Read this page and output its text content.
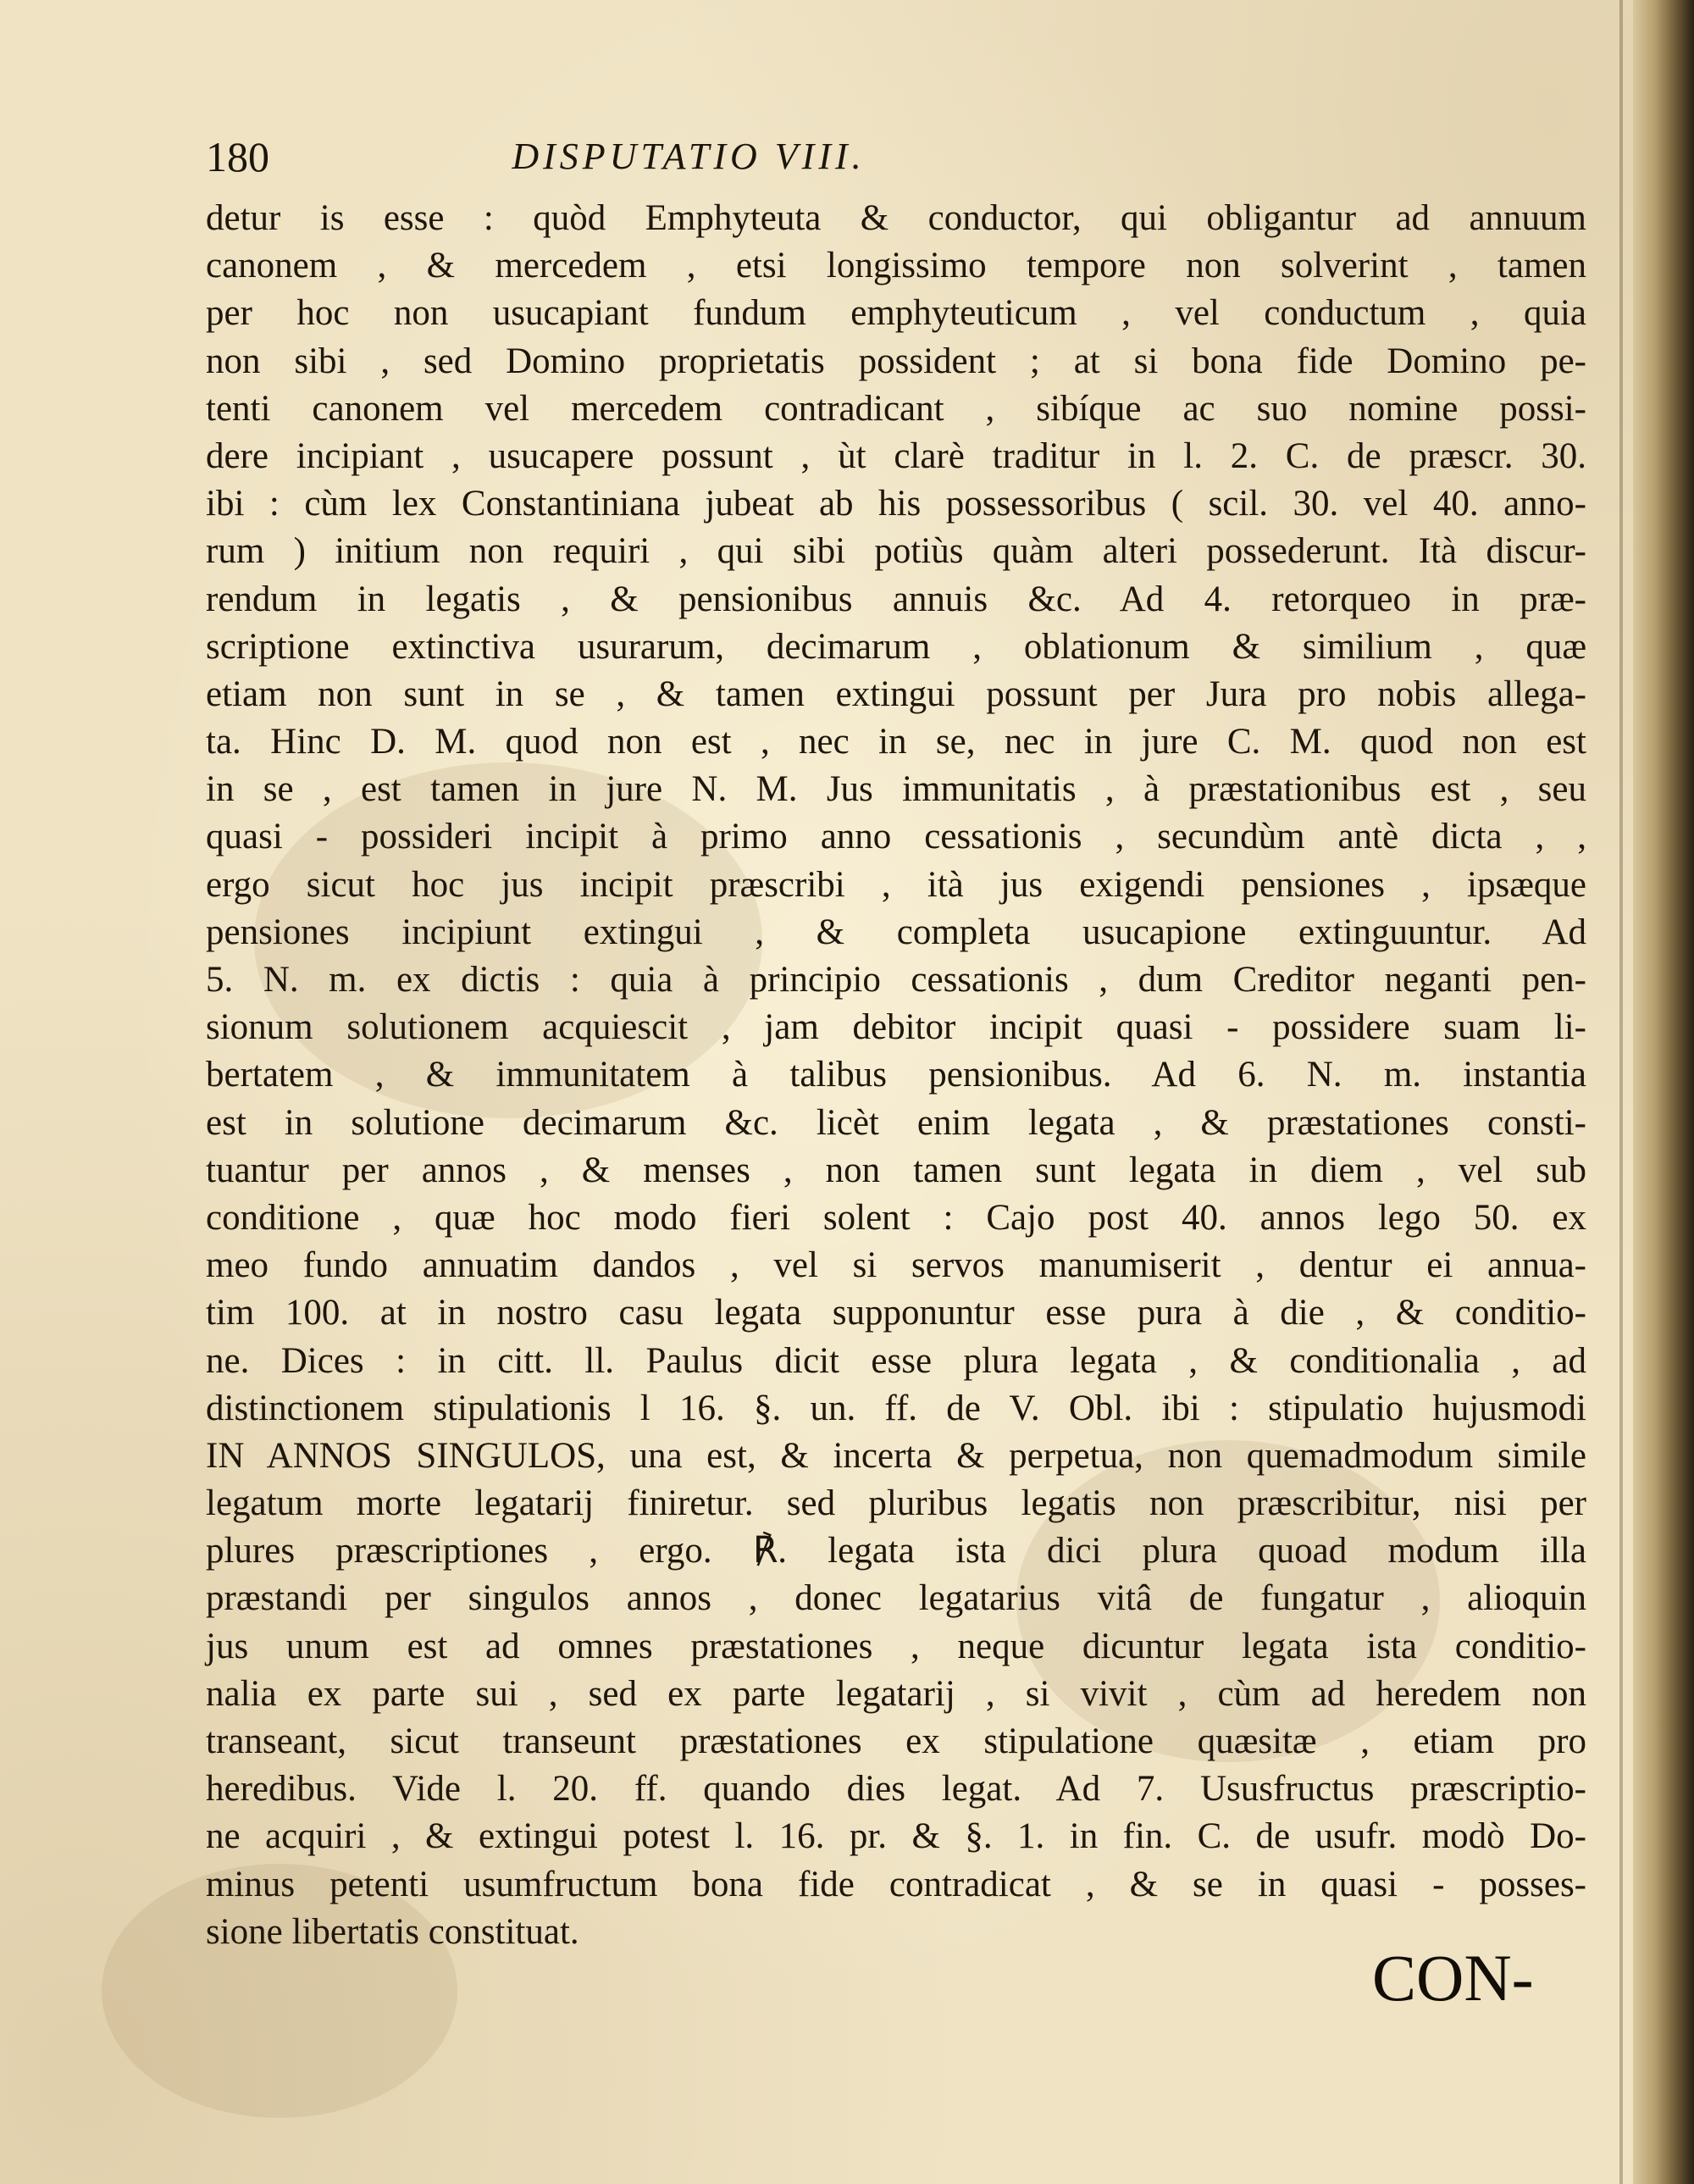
180	DISPUTATIO VIII.
detur is esse : quòd Emphyteuta & conductor, qui obligantur ad annuum
canonem , & mercedem , etsi longissimo tempore non solverint , tamen
per hoc non usucapiant fundum emphyteuticum , vel conductum , quia
non sibi , sed Domino proprietatis possident ; at si bona fide Domino pe-
tenti canonem vel mercedem contradicant , sibíque ac suo nomine possi-
dere incipiant , usucapere possunt , ùt clarè traditur in l. 2. C. de præscr. 30.
ibi : cùm lex Constantiniana jubeat ab his possessoribus ( scil. 30. vel 40. anno-
rum ) initium non requiri , qui sibi potiùs quàm alteri possederunt. Ità discur-
rendum in legatis , & pensionibus annuis &c. Ad 4. retorqueo in præ-
scriptione extinctiva usurarum, decimarum , oblationum & similium , quæ
etiam non sunt in se , & tamen extingui possunt per Jura pro nobis allega-
ta. Hinc D. M. quod non est , nec in se, nec in jure C. M. quod non est
in se , est tamen in jure N. M. Jus immunitatis , à præstationibus est , seu
quasi - possideri incipit à primo anno cessationis , secundùm antè dicta , ,
ergo sicut hoc jus incipit præscribi , ità jus exigendi pensiones , ipsæque
pensiones incipiunt extingui , & completa usucapione extinguuntur. Ad
5. N. m. ex dictis : quia à principio cessationis , dum Creditor neganti pen-
sionum solutionem acquiescit , jam debitor incipit quasi - possidere suam li-
bertatem , & immunitatem à talibus pensionibus. Ad 6. N. m. instantia
est in solutione decimarum &c. licèt enim legata , & præstationes consti-
tuantur per annos , & menses , non tamen sunt legata in diem , vel sub
conditione , quæ hoc modo fieri solent : Cajo post 40. annos lego 50. ex
meo fundo annuatim dandos , vel si servos manumiserit , dentur ei annua-
tim 100. at in nostro casu legata supponuntur esse pura à die , & conditio-
ne. Dices : in citt. ll. Paulus dicit esse plura legata , & conditionalia , ad
distinctionem stipulationis l 16. §. un. ff. de V. Obl. ibi : stipulatio hujusmodi
IN ANNOS SINGULOS, una est, & incerta & perpetua, non quemadmodum simile
legatum morte legatarij finiretur. sed pluribus legatis non præscribitur, nisi per
plures præscriptiones , ergo. ℟. legata ista dici plura quoad modum illa
præstandi per singulos annos , donec legatarius vitâ de fungatur , alioquin
jus unum est ad omnes præstationes , neque dicuntur legata ista conditio-
nalia ex parte sui , sed ex parte legatarij , si vivit , cùm ad heredem non
transeant, sicut transeunt præstationes ex stipulatione quæsitæ , etiam pro
heredibus. Vide l. 20. ff. quando dies legat. Ad 7. Ususfructus præscriptio-
ne acquiri , & extingui potest l. 16. pr. & §. 1. in fin. C. de usufr. modò Do-
minus petenti usumfructum bona fide contradicat , & se in quasi - posses-
sione libertatis constituat.
CON-
